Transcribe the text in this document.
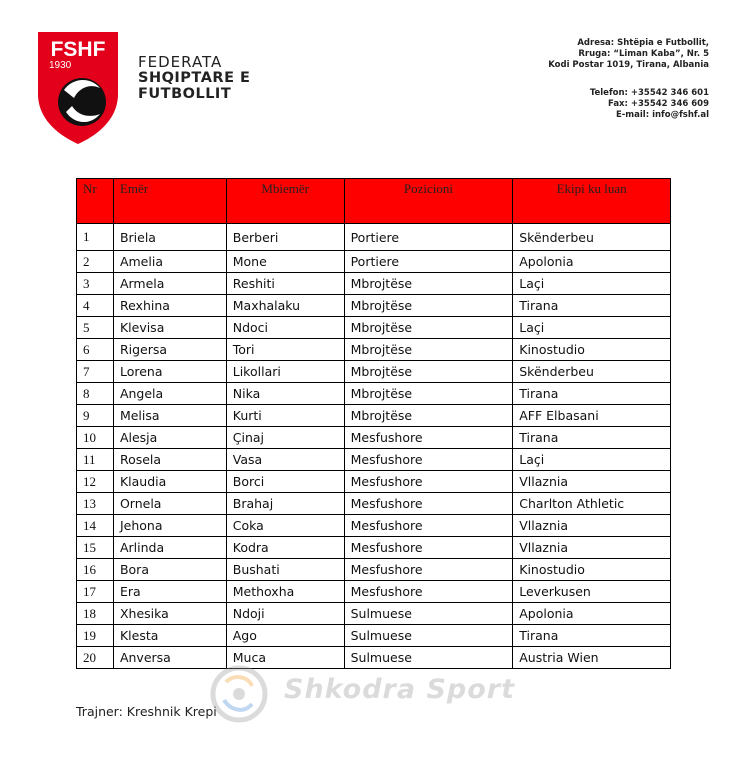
FSHF
1930	FEDERATA
SHQIPTARE E
FUTBOLLIT
Adresa: Shtëpia e Futbollit,
Rruga: “Liman Kaba”, Nr. 5
Kodi Postar 1019, Tirana, Albania
Telefon: +35542 346 601
Fax: +35542 346 609
E-mail: info@fshf.al
Nr	Emër	Mbiemër	Pozicioni	Ekipi ku luan
1	Briela	Berberi	Portiere	Skënderbeu
2	Amelia	Mone	Portiere	Apolonia
3	Armela	Reshiti	Mbrojtëse	Laçi
4	Rexhina	Maxhalaku	Mbrojtëse	Tirana
5	Klevisa	Ndoci	Mbrojtëse	Laçi
6	Rigersa	Tori	Mbrojtëse	Kinostudio
7	Lorena	Likollari	Mbrojtëse	Skënderbeu
8	Angela	Nika	Mbrojtëse	Tirana
9	Melisa	Kurti	Mbrojtëse	AFF Elbasani
10	Alesja	Çinaj	Mesfushore	Tirana
11	Rosela	Vasa	Mesfushore	Laçi
12	Klaudia	Borci	Mesfushore	Vllaznia
13	Ornela	Brahaj	Mesfushore	Charlton Athletic
14	Jehona	Coka	Mesfushore	Vllaznia
15	Arlinda	Kodra	Mesfushore	Vllaznia
16	Bora	Bushati	Mesfushore	Kinostudio
17	Era	Methoxha	Mesfushore	Leverkusen
18	Xhesika	Ndoji	Sulmuese	Apolonia
19	Klesta	Ago	Sulmuese	Tirana
20	Anversa	Muca	Sulmuese	Austria Wien
Trajner: Kreshnik Krepi
Shkodra Sport
